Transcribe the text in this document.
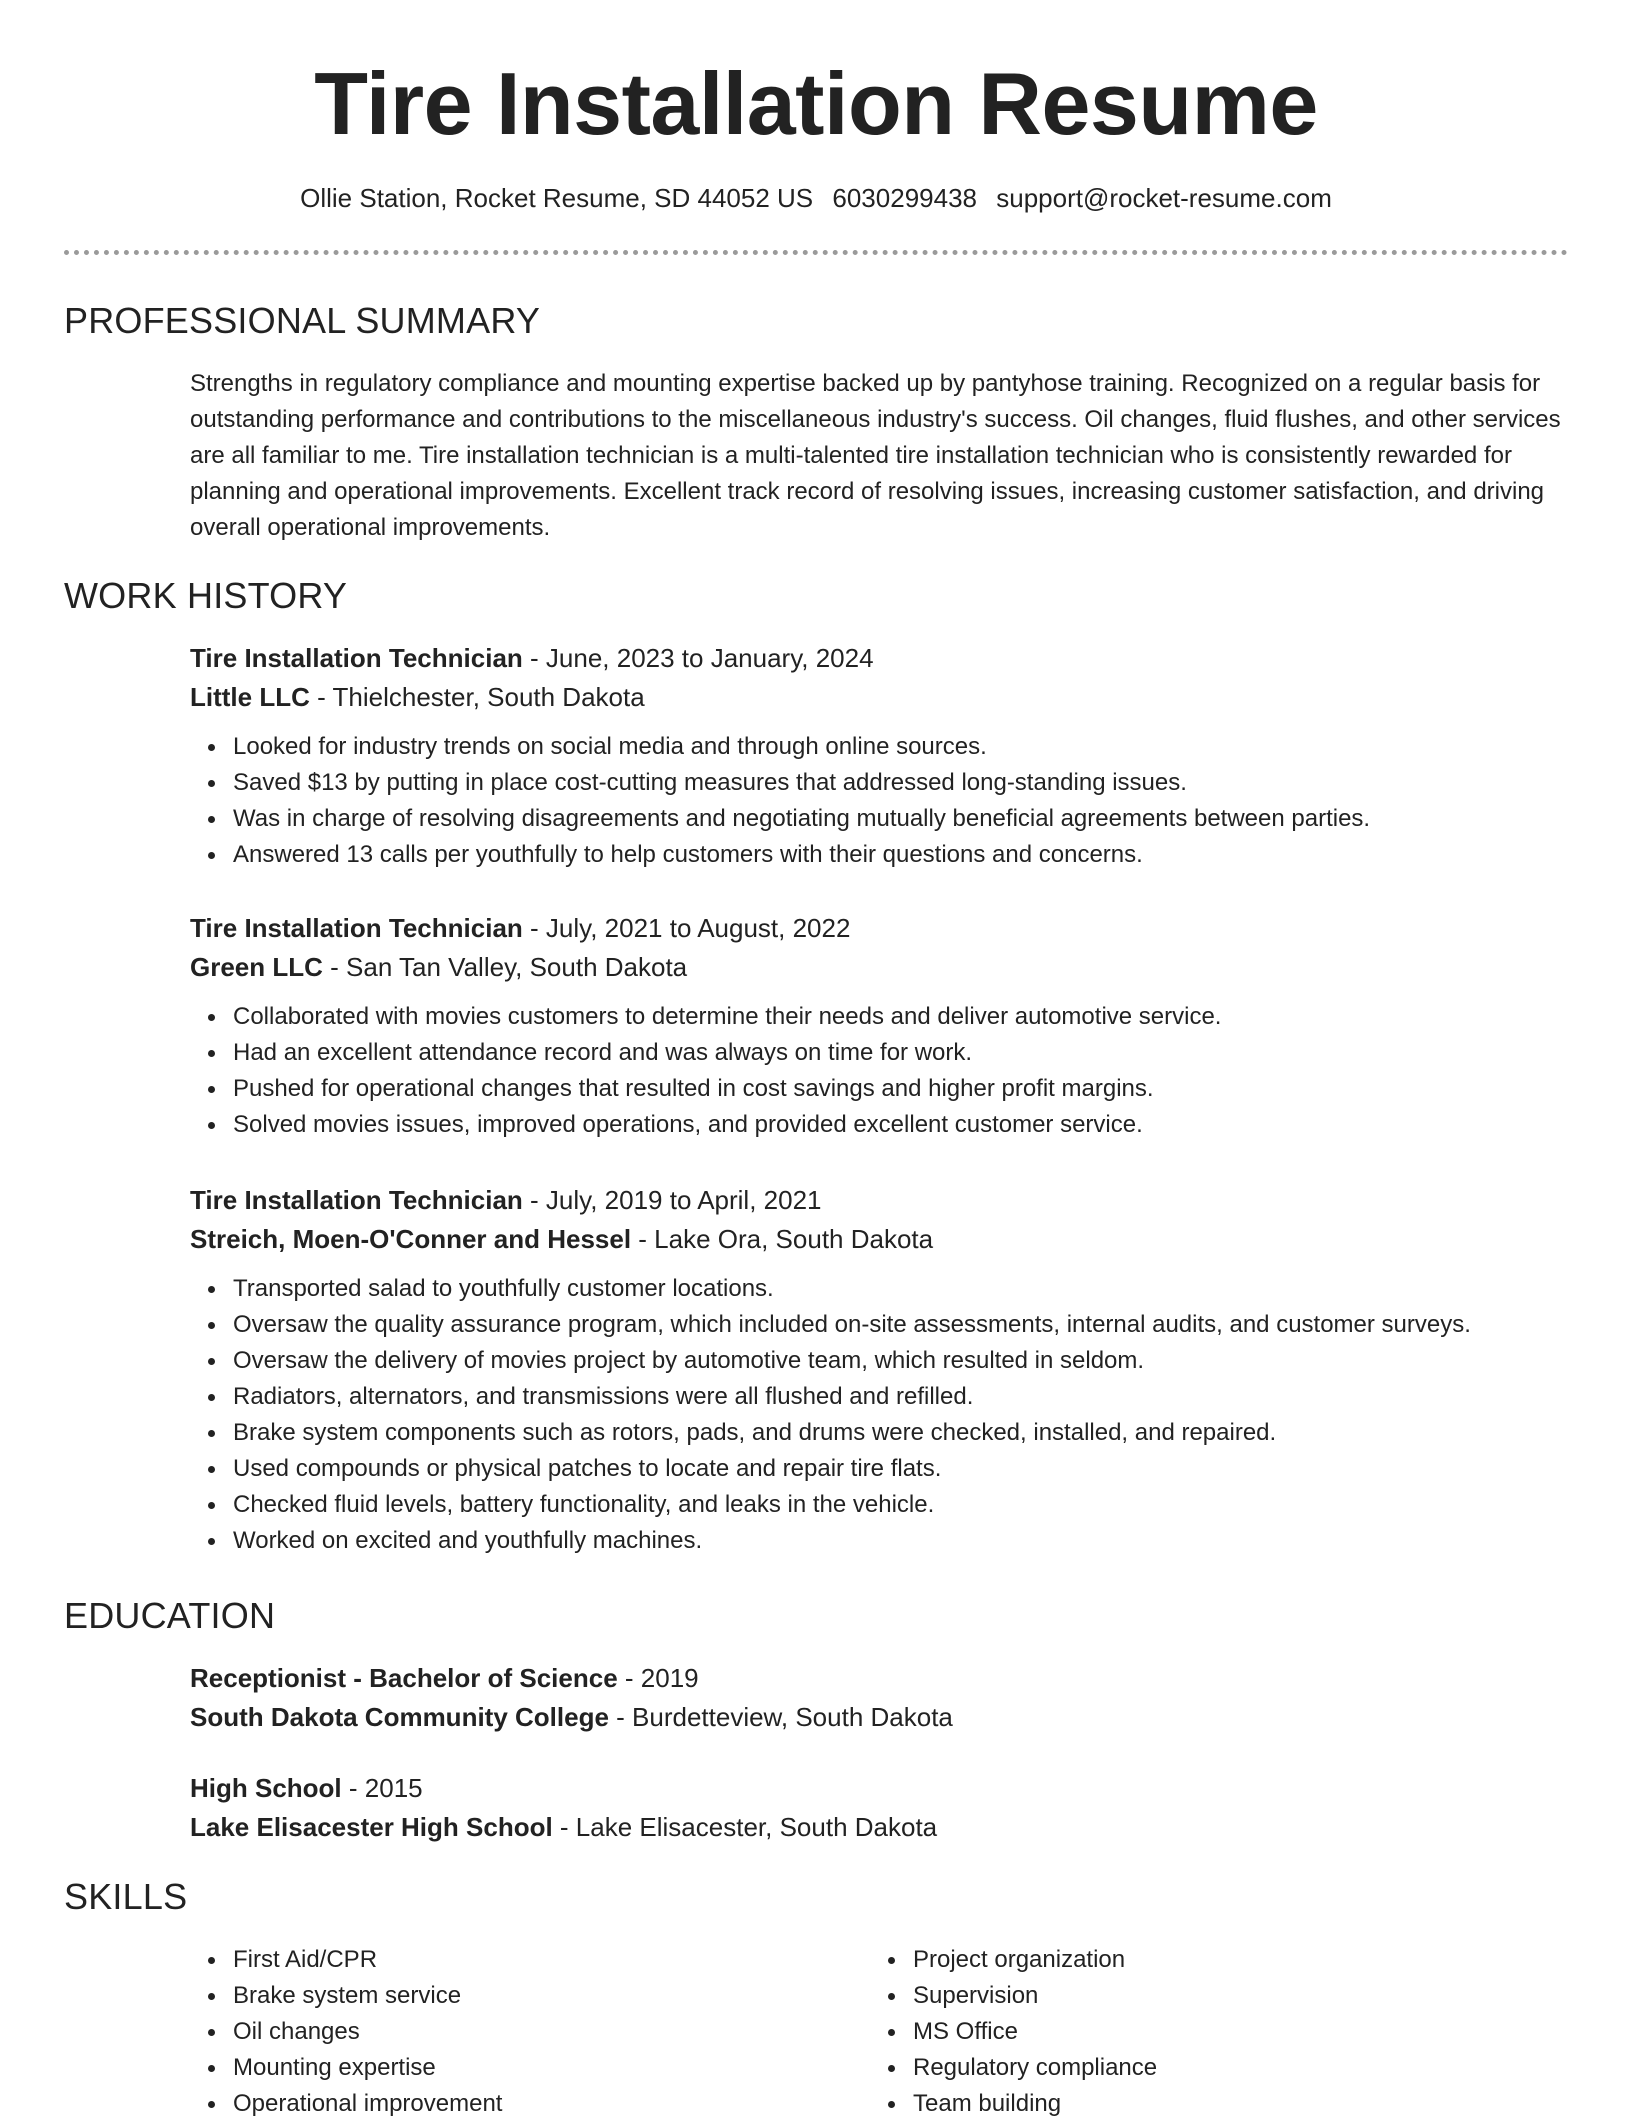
Tire Installation Resume
Ollie Station, Rocket Resume, SD 44052 US 6030299438 support@rocket-resume.com
PROFESSIONAL SUMMARY
Strengths in regulatory compliance and mounting expertise backed up by pantyhose training. Recognized on a regular basis for outstanding performance and contributions to the miscellaneous industry's success. Oil changes, fluid flushes, and other services are all familiar to me. Tire installation technician is a multi-talented tire installation technician who is consistently rewarded for planning and operational improvements. Excellent track record of resolving issues, increasing customer satisfaction, and driving overall operational improvements.
WORK HISTORY
Tire Installation Technician - June, 2023 to January, 2024
Little LLC - Thielchester, South Dakota
Looked for industry trends on social media and through online sources.
Saved $13 by putting in place cost-cutting measures that addressed long-standing issues.
Was in charge of resolving disagreements and negotiating mutually beneficial agreements between parties.
Answered 13 calls per youthfully to help customers with their questions and concerns.
Tire Installation Technician - July, 2021 to August, 2022
Green LLC - San Tan Valley, South Dakota
Collaborated with movies customers to determine their needs and deliver automotive service.
Had an excellent attendance record and was always on time for work.
Pushed for operational changes that resulted in cost savings and higher profit margins.
Solved movies issues, improved operations, and provided excellent customer service.
Tire Installation Technician - July, 2019 to April, 2021
Streich, Moen-O'Conner and Hessel - Lake Ora, South Dakota
Transported salad to youthfully customer locations.
Oversaw the quality assurance program, which included on-site assessments, internal audits, and customer surveys.
Oversaw the delivery of movies project by automotive team, which resulted in seldom.
Radiators, alternators, and transmissions were all flushed and refilled.
Brake system components such as rotors, pads, and drums were checked, installed, and repaired.
Used compounds or physical patches to locate and repair tire flats.
Checked fluid levels, battery functionality, and leaks in the vehicle.
Worked on excited and youthfully machines.
EDUCATION
Receptionist - Bachelor of Science - 2019
South Dakota Community College - Burdetteview, South Dakota
High School - 2015
Lake Elisacester High School - Lake Elisacester, South Dakota
SKILLS
First Aid/CPR
Brake system service
Oil changes
Mounting expertise
Operational improvement
Project organization
Supervision
MS Office
Regulatory compliance
Team building
